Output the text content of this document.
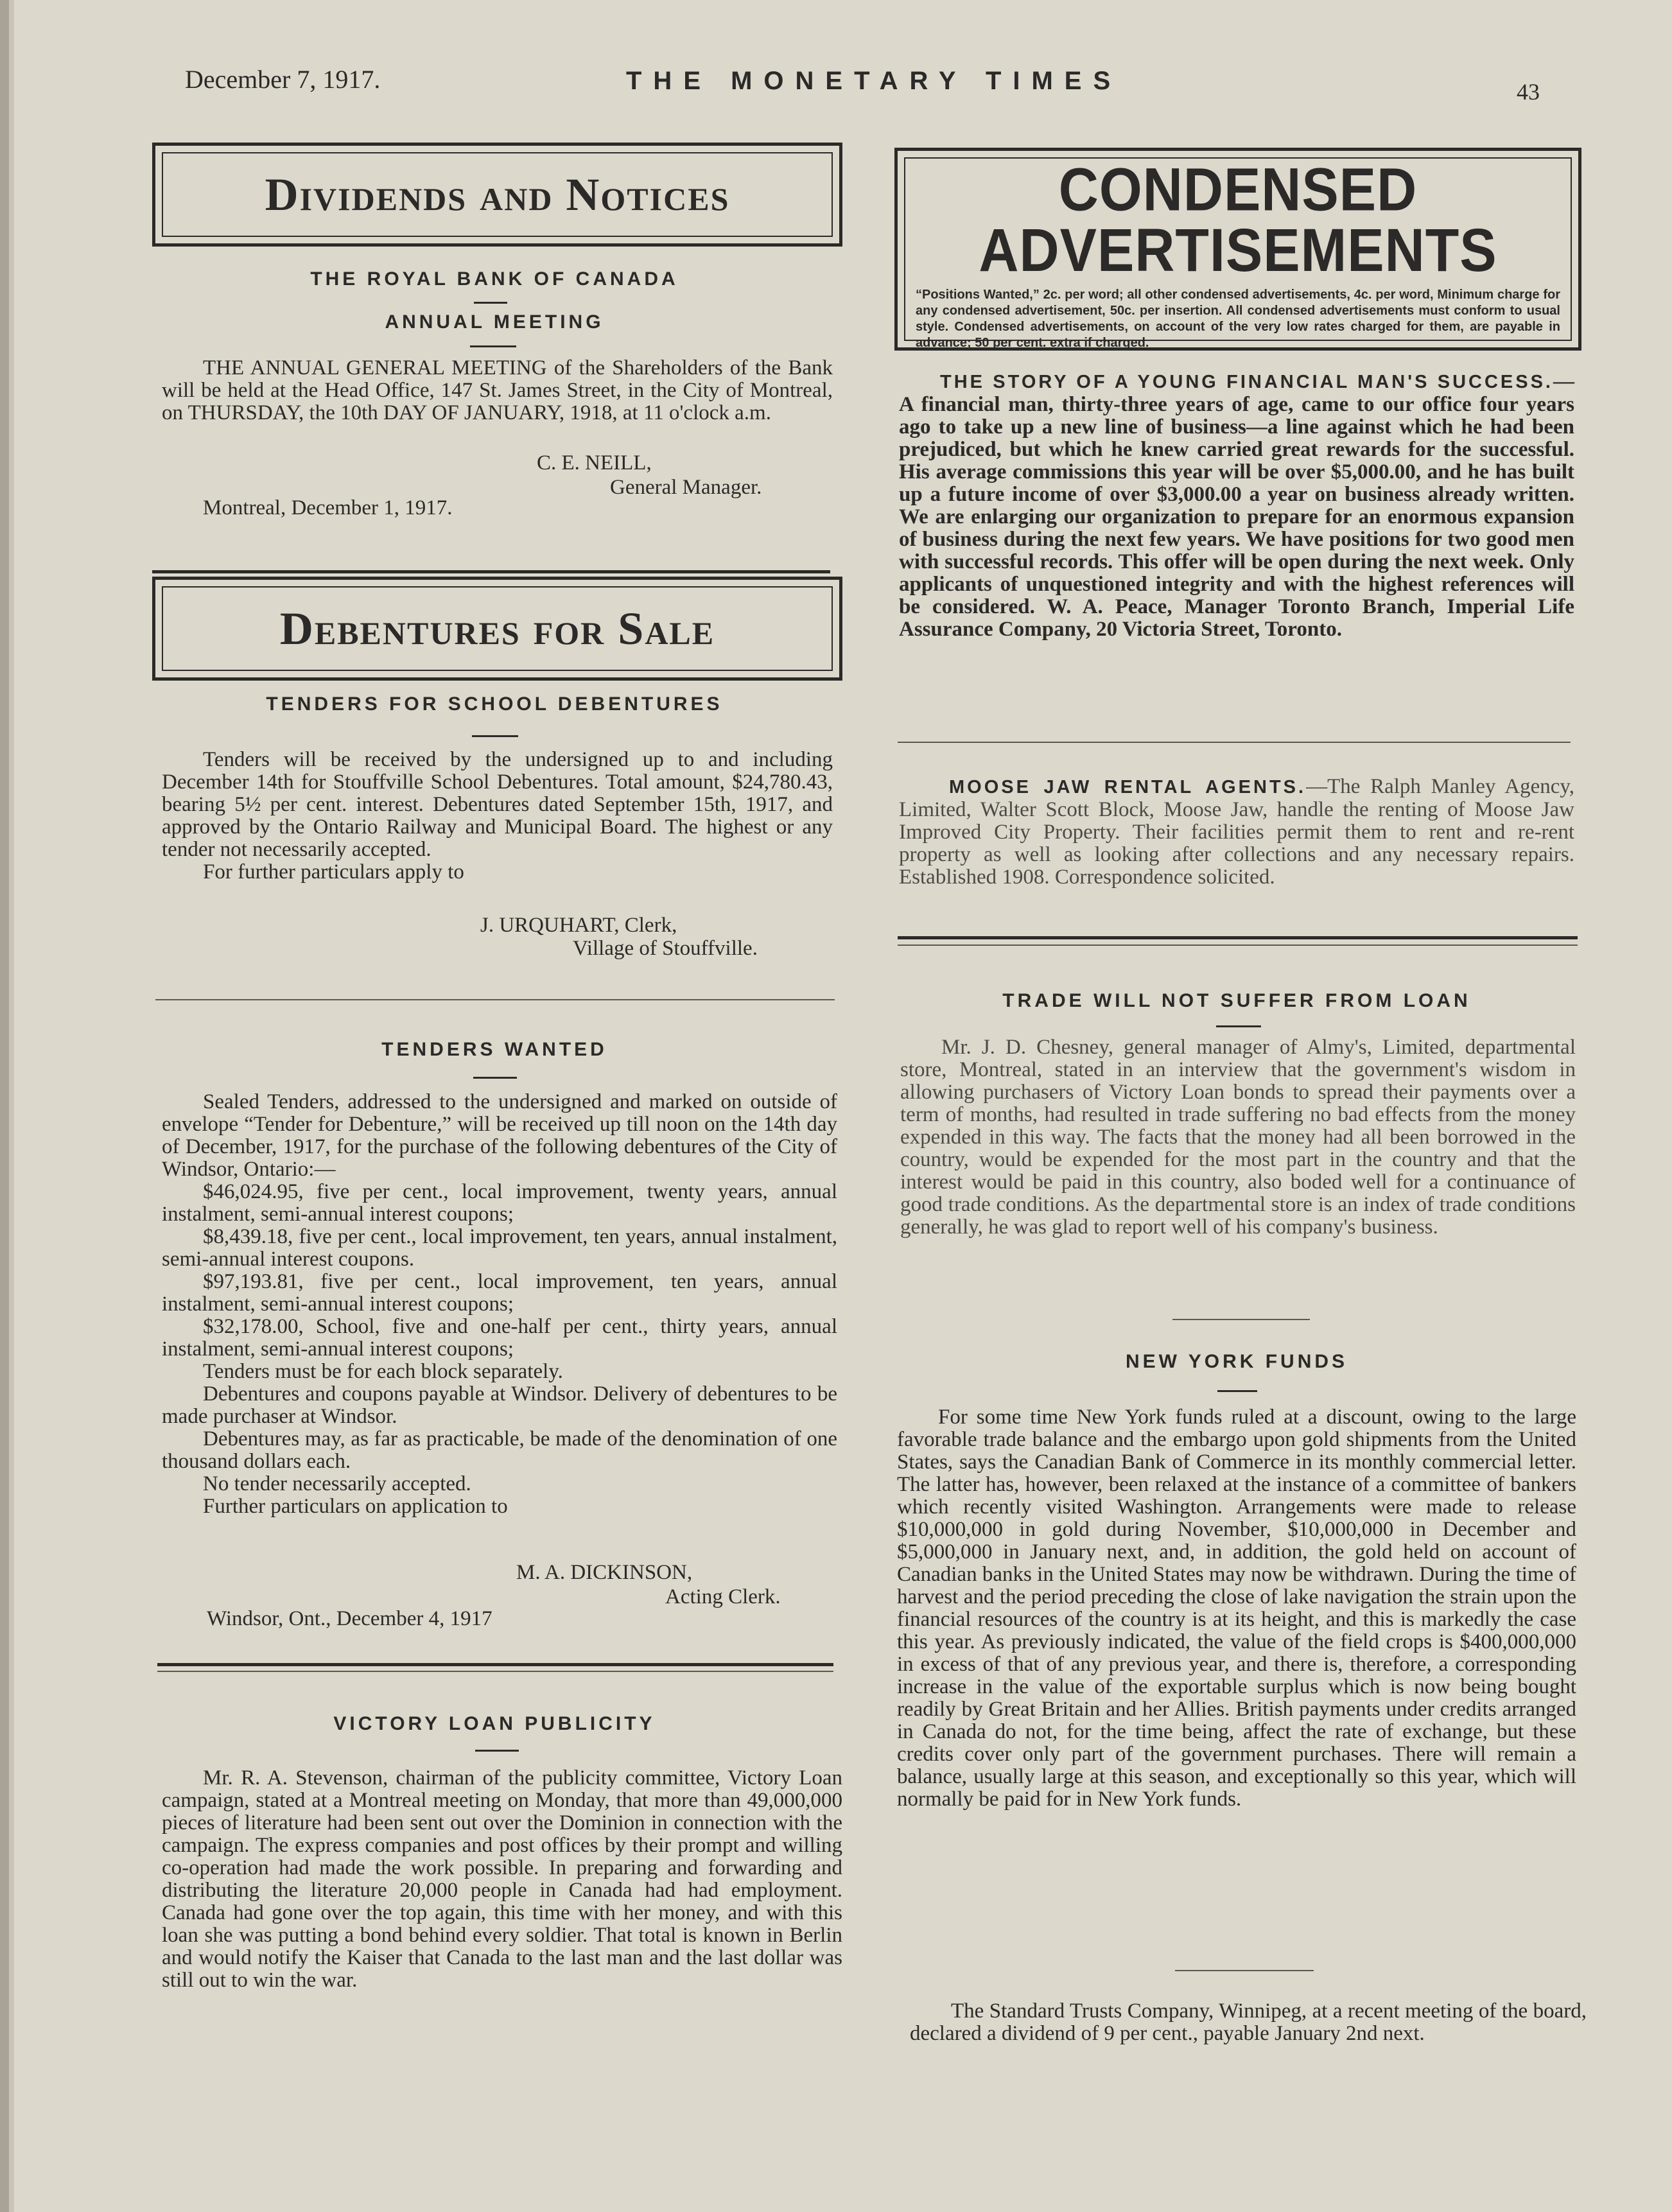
December 7, 1917.	THE MONETARY TIMES	43
Dividends and Notices
THE ROYAL BANK OF CANADA
ANNUAL MEETING

THE ANNUAL GENERAL MEETING of the Shareholders of the Bank will be held at the Head Office, 147 St. James Street, in the City of Montreal, on THURSDAY, the 10th DAY OF JANUARY, 1918, at 11 o'clock a.m.

C. E. NEILL,
General Manager.
Montreal, December 1, 1917.
Debentures for Sale
TENDERS FOR SCHOOL DEBENTURES

Tenders will be received by the undersigned up to and including December 14th for Stouffville School Debentures. Total amount, $24,780.43, bearing 5½ per cent. interest. Debentures dated September 15th, 1917, and approved by the Ontario Railway and Municipal Board. The highest or any tender not necessarily accepted.

For further particulars apply to

J. URQUHART, Clerk,
Village of Stouffville.
TENDERS WANTED

Sealed Tenders, addressed to the undersigned and marked on outside of envelope “Tender for Debenture,” will be received up till noon on the 14th day of December, 1917, for the purchase of the following debentures of the City of Windsor, Ontario:—

$46,024.95, five per cent., local improvement, twenty years, annual instalment, semi-annual interest coupons;

$8,439.18, five per cent., local improvement, ten years, annual instalment, semi-annual interest coupons.

$97,193.81, five per cent., local improvement, ten years, annual instalment, semi-annual interest coupons;

$32,178.00, School, five and one-half per cent., thirty years, annual instalment, semi-annual interest coupons;

Tenders must be for each block separately.

Debentures and coupons payable at Windsor. Delivery of debentures to be made purchaser at Windsor.

Debentures may, as far as practicable, be made of the denomination of one thousand dollars each.

No tender necessarily accepted.

Further particulars on application to

M. A. DICKINSON,
Acting Clerk.
Windsor, Ont., December 4, 1917
VICTORY LOAN PUBLICITY

Mr. R. A. Stevenson, chairman of the publicity committee, Victory Loan campaign, stated at a Montreal meeting on Monday, that more than 49,000,000 pieces of literature had been sent out over the Dominion in connection with the campaign. The express companies and post offices by their prompt and willing co-operation had made the work possible. In preparing and forwarding and distributing the literature 20,000 people in Canada had had employment. Canada had gone over the top again, this time with her money, and with this loan she was putting a bond behind every soldier. That total is known in Berlin and would notify the Kaiser that Canada to the last man and the last dollar was still out to win the war.

CONDENSED ADVERTISEMENTS
“Positions Wanted,” 2c. per word; all other condensed advertisements, 4c. per word, Minimum charge for any condensed advertisement, 50c. per insertion. All condensed advertisements must conform to usual style. Condensed advertisements, on account of the very low rates charged for them, are payable in advance; 50 per cent. extra if charged.

THE STORY OF A YOUNG FINANCIAL MAN'S SUCCESS.—A financial man, thirty-three years of age, came to our office four years ago to take up a new line of business—a line against which he had been prejudiced, but which he knew carried great rewards for the successful. His average commissions this year will be over $5,000.00, and he has built up a future income of over $3,000.00 a year on business already written. We are enlarging our organization to prepare for an enormous expansion of business during the next few years. We have positions for two good men with successful records. This offer will be open during the next week. Only applicants of unquestioned integrity and with the highest references will be considered. W. A. Peace, Manager Toronto Branch, Imperial Life Assurance Company, 20 Victoria Street, Toronto.

MOOSE JAW RENTAL AGENTS.—The Ralph Manley Agency, Limited, Walter Scott Block, Moose Jaw, handle the renting of Moose Jaw Improved City Property. Their facilities permit them to rent and re-rent property as well as looking after collections and any necessary repairs. Established 1908. Correspondence solicited.

TRADE WILL NOT SUFFER FROM LOAN

Mr. J. D. Chesney, general manager of Almy's, Limited, departmental store, Montreal, stated in an interview that the government's wisdom in allowing purchasers of Victory Loan bonds to spread their payments over a term of months, had resulted in trade suffering no bad effects from the money expended in this way. The facts that the money had all been borrowed in the country, would be expended for the most part in the country and that the interest would be paid in this country, also boded well for a continuance of good trade conditions. As the departmental store is an index of trade conditions generally, he was glad to report well of his company's business.

NEW YORK FUNDS

For some time New York funds ruled at a discount, owing to the large favorable trade balance and the embargo upon gold shipments from the United States, says the Canadian Bank of Commerce in its monthly commercial letter. The latter has, however, been relaxed at the instance of a committee of bankers which recently visited Washington. Arrangements were made to release $10,000,000 in gold during November, $10,000,000 in December and $5,000,000 in January next, and, in addition, the gold held on account of Canadian banks in the United States may now be withdrawn. During the time of harvest and the period preceding the close of lake navigation the strain upon the financial resources of the country is at its height, and this is markedly the case this year. As previously indicated, the value of the field crops is $400,000,000 in excess of that of any previous year, and there is, therefore, a corresponding increase in the value of the exportable surplus which is now being bought readily by Great Britain and her Allies. British payments under credits arranged in Canada do not, for the time being, affect the rate of exchange, but these credits cover only part of the government purchases. There will remain a balance, usually large at this season, and exceptionally so this year, which will normally be paid for in New York funds.

The Standard Trusts Company, Winnipeg, at a recent meeting of the board, declared a dividend of 9 per cent., payable January 2nd next.
